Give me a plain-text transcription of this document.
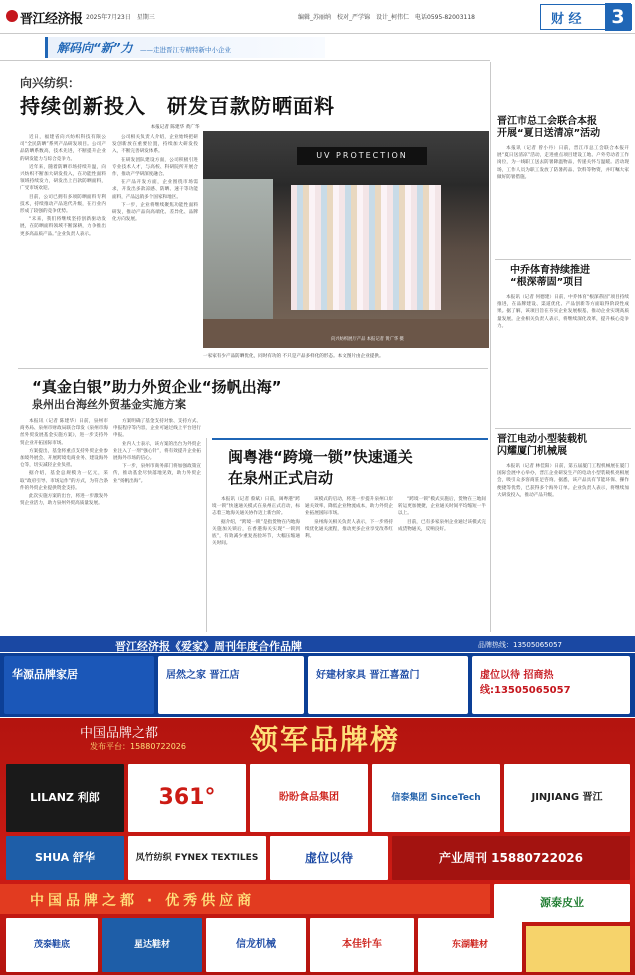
晋江经济报 2025年7月23日　星期三	编辑_苏丽纳　校对_严学锦　设计_柯伟仁　电话0595-82003118	财 经	3
解码向“新”力 ——走进晋江专精特新中小企业
向兴纺织：
持续创新投入　研发百款防晒面料
本报记者 陈建华 黄广华

近日，福建省向兴纺织科技有限公司“全民防晒”系列产品研发项目。公司产品防晒系数高，技术先进，不断提升企业的研发能力与综合竞争力。

近年来，随着防晒市场持续升温，向兴纺织不断加大研发投入，在功能性面料领域持续发力，研发出上百款防晒面料，广受市场欢迎。

目前，公司已拥有多项防晒面料专利技术，持续推动产品迭代升级，在行业内形成了较强的竞争优势。

“未来，我们将继续坚持创新驱动发展，在防晒面料领域不断深耕，力争推出更多高品质产品。”企业负责人表示。

公司相关负责人介绍，企业始终把研发创新放在重要位置，持续加大研发投入，不断完善研发体系。

在研发团队建设方面，公司积极引进专业技术人才，与高校、科研院所开展合作，推动产学研深度融合。

在产品开发方面，企业围绕市场需求，开发出多款凉感、防晒、速干等功能面料，产品远销多个国家和地区。

下一步，企业将继续聚焦功能性面料研发，推动产品向高端化、差异化、品牌化方向发展。

UV PROTECTION
向兴纺织展厅产品 本报记者 黄广华 摄
一家家有少产品防晒优化，同时有功的 不只是产品多样化的形态。本文图片由企业提供。
“真金白银”助力外贸企业“扬帆出海”
泉州出台海丝外贸基金实施方案

本报讯（记者 陈建华）日前，泉州市商务局、泉州市财政局联合印发《泉州市海丝外贸发展基金实施方案》，进一步支持外贸企业开拓国际市场。

方案提出，基金将重点支持外贸企业参加境外展会、开展跨境电商业务、建设海外仓等，切实减轻企业负担。

据介绍，基金总规模为一亿元，采取“政府引导、市场运作”的方式，为符合条件的外贸企业提供资金支持。

此次实施方案的出台，将进一步激发外贸企业活力，助力泉州外贸高质量发展。

方案明确了基金支持对象、支持方式、申报程序等内容，企业可通过线上平台进行申报。

业内人士表示，该方案的出台为外贸企业注入了一剂“强心针”，将有效提升企业拓展海外市场的信心。

下一步，泉州市商务部门将加强政策宣传，推动基金尽快落地见效，助力外贸企业“扬帆出海”。

闽粤港“跨境一锁”快速通关
在泉州正式启动

本报讯（记者 蔡斌）日前，闽粤港“跨境一锁”快速通关模式在泉州正式启动，标志着三地海关通关协作迈上新台阶。

据介绍，“跨境一锁”是指货物在内地海关施加关锁后，在香港海关实现“一锁到底”，有效减少重复查验环节，大幅压缩通关时间。

该模式的启动，将进一步提升泉州口岸通关效率，降低企业物流成本，助力外贸企业拓展国际市场。

泉州海关相关负责人表示，下一步将持续优化通关流程，推动更多企业享受改革红利。

“跨境一锁”模式实施后，货物在三地间转运更加便捷，企业通关时间平均缩短一半以上。

目前，已有多家泉州企业通过该模式完成货物通关，反响良好。

晋江市总工会联合本报
开展“夏日送清凉”活动

本报讯（记者 曾小丹）日前，晋江市总工会联合本报开展“夏日送清凉”活动，走进重点项目建设工地、户外劳动者工作岗位，为一线职工送去防暑降温物品，传递关怀与温暖。活动现场，工作人员为职工发放了防暑药品、饮料等物资，并叮嘱大家做好防暑措施。

中乔体育持续推进
“根深蒂固”项目

本报讯（记者 何德建）日前，中乔体育“根深蒂固”项目持续推进，在品牌建设、渠道优化、产品创新等方面取得阶段性成果。据了解，该项目旨在夯实企业发展根基，推动企业实现高质量发展。企业相关负责人表示，将继续深化改革，提升核心竞争力。

晋江电动小型装载机
闪耀厦门机械展

本报讯（记者 林佳阳）日前，第五届厦门工程机械展在厦门国际会展中心举办，晋江企业研发生产的电动小型装载机亮相展会，吸引众多客商驻足咨询。据悉，该产品具有节能环保、操作便捷等优势，已获得多个海外订单。企业负责人表示，将继续加大研发投入，推动产品升级。

晋江经济报《爱家》周刊年度合作品牌	品牌热线：13505065057
华源品牌家居	居然之家 晋江店	好建材家具 晋江喜盈门	虚位以待 招商热线:13505065057
中国品牌之都	领军品牌榜
发布平台：15880722026
LILANZ 利郎	361°	盼盼食品集团	信泰集团 SinceTech	JINJIANG 晋江
SHUA 舒华	凤竹纺织 FYNEX TEXTILES	虚位以待	产业周刊 15880722026
中国品牌之都 · 优秀供应商	源泰皮业
茂泰鞋底	星达鞋材	信龙机械	本佳针车	东湖鞋材
